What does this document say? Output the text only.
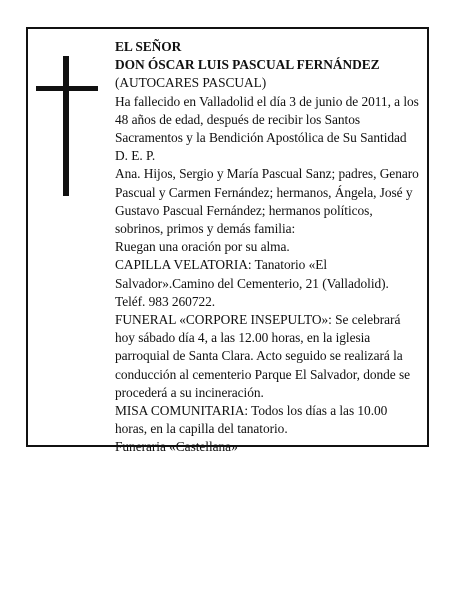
EL SEÑOR

DON ÓSCAR LUIS PASCUAL FERNÁNDEZ

(AUTOCARES PASCUAL)

Ha fallecido en Valladolid el día 3 de junio de 2011, a los 48 años de edad, después de recibir los Santos Sacramentos y la Bendición Apostólica de Su Santidad

D. E. P.

Ana. Hijos, Sergio y María Pascual Sanz; padres, Genaro Pascual y Carmen Fernández; hermanos, Ángela, José y Gustavo Pascual Fernández; hermanos políticos, sobrinos, primos y demás familia:

Ruegan una oración por su alma.

CAPILLA VELATORIA: Tanatorio «El Salvador».Camino del Cementerio, 21 (Valladolid). Teléf. 983 260722.

FUNERAL «CORPORE INSEPULTO»: Se celebrará hoy sábado día 4, a las 12.00 horas, en la iglesia parroquial de Santa Clara. Acto seguido se realizará la conducción al cementerio Parque El Salvador, donde se procederá a su incineración.

MISA COMUNITARIA: Todos los días a las 10.00 horas, en la capilla del tanatorio.

Funeraria «Castellana»
